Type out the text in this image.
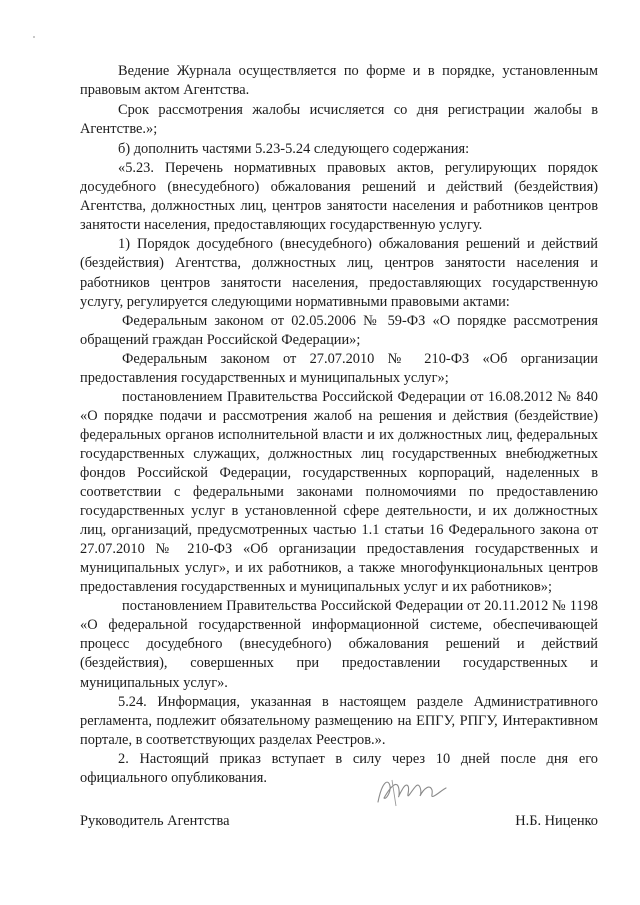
Ведение Журнала осуществляется по форме и в порядке, установленным правовым актом Агентства.

Срок рассмотрения жалобы исчисляется со дня регистрации жалобы в Агентстве.»;

б) дополнить частями 5.23-5.24 следующего содержания:

«5.23. Перечень нормативных правовых актов, регулирующих порядок досудебного (внесудебного) обжалования решений и действий (бездействия) Агентства, должностных лиц, центров занятости населения и работников центров занятости населения, предоставляющих государственную услугу.

1) Порядок досудебного (внесудебного) обжалования решений и действий (бездействия) Агентства, должностных лиц, центров занятости населения и работников центров занятости населения, предоставляющих государственную услугу, регулируется следующими нормативными правовыми актами:

Федеральным законом от 02.05.2006 № 59-ФЗ «О порядке рассмотрения обращений граждан Российской Федерации»;

Федеральным законом от 27.07.2010 № 210-ФЗ «Об организации предоставления государственных и муниципальных услуг»;

постановлением Правительства Российской Федерации от 16.08.2012 № 840 «О порядке подачи и рассмотрения жалоб на решения и действия (бездействие) федеральных органов исполнительной власти и их должностных лиц, федеральных государственных служащих, должностных лиц государственных внебюджетных фондов Российской Федерации, государственных корпораций, наделенных в соответствии с федеральными законами полномочиями по предоставлению государственных услуг в установленной сфере деятельности, и их должностных лиц, организаций, предусмотренных частью 1.1 статьи 16 Федерального закона от 27.07.2010 № 210-ФЗ «Об организации предоставления государственных и муниципальных услуг», и их работников, а также многофункциональных центров предоставления государственных и муниципальных услуг и их работников»;

постановлением Правительства Российской Федерации от 20.11.2012 № 1198 «О федеральной государственной информационной системе, обеспечивающей процесс досудебного (внесудебного) обжалования решений и действий (бездействия), совершенных при предоставлении государственных и муниципальных услуг».

5.24. Информация, указанная в настоящем разделе Административного регламента, подлежит обязательному размещению на ЕПГУ, РПГУ, Интерактивном портале, в соответствующих разделах Реестров.».

2. Настоящий приказ вступает в силу через 10 дней после дня его официального опубликования.

Руководитель Агентства	Н.Б. Ниценко
